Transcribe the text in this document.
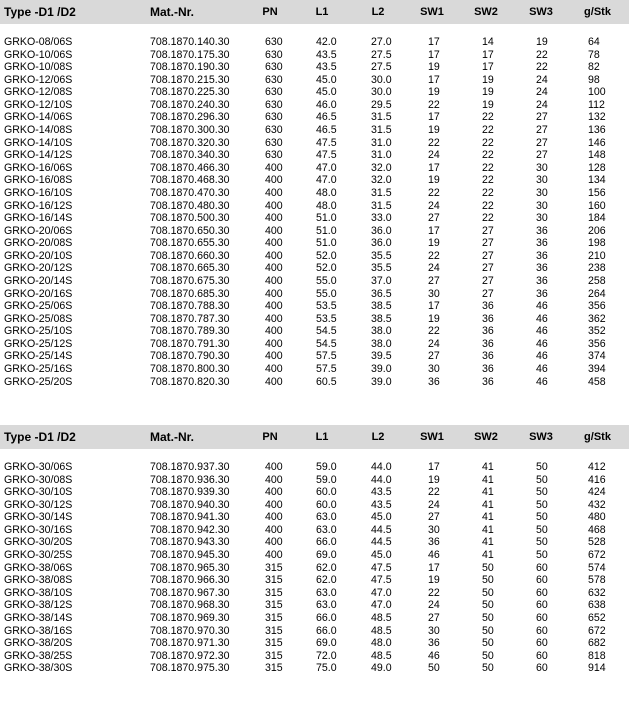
Type -D1 /D2	Mat.-Nr.	PN	L1	L2	SW1	SW2	SW3	g/Stk
GRKO-08/06S	708.1870.140.30	630	42.0	27.0	17	14	19	64
GRKO-10/06S	708.1870.175.30	630	43.5	27.5	17	17	22	78
GRKO-10/08S	708.1870.190.30	630	43.5	27.5	19	17	22	82
GRKO-12/06S	708.1870.215.30	630	45.0	30.0	17	19	24	98
GRKO-12/08S	708.1870.225.30	630	45.0	30.0	19	19	24	100
GRKO-12/10S	708.1870.240.30	630	46.0	29.5	22	19	24	112
GRKO-14/06S	708.1870.296.30	630	46.5	31.5	17	22	27	132
GRKO-14/08S	708.1870.300.30	630	46.5	31.5	19	22	27	136
GRKO-14/10S	708.1870.320.30	630	47.5	31.0	22	22	27	146
GRKO-14/12S	708.1870.340.30	630	47.5	31.0	24	22	27	148
GRKO-16/06S	708.1870.466.30	400	47.0	32.0	17	22	30	128
GRKO-16/08S	708.1870.468.30	400	47.0	32.0	19	22	30	134
GRKO-16/10S	708.1870.470.30	400	48.0	31.5	22	22	30	156
GRKO-16/12S	708.1870.480.30	400	48.0	31.5	24	22	30	160
GRKO-16/14S	708.1870.500.30	400	51.0	33.0	27	22	30	184
GRKO-20/06S	708.1870.650.30	400	51.0	36.0	17	27	36	206
GRKO-20/08S	708.1870.655.30	400	51.0	36.0	19	27	36	198
GRKO-20/10S	708.1870.660.30	400	52.0	35.5	22	27	36	210
GRKO-20/12S	708.1870.665.30	400	52.0	35.5	24	27	36	238
GRKO-20/14S	708.1870.675.30	400	55.0	37.0	27	27	36	258
GRKO-20/16S	708.1870.685.30	400	55.0	36.5	30	27	36	264
GRKO-25/06S	708.1870.788.30	400	53.5	38.5	17	36	46	356
GRKO-25/08S	708.1870.787.30	400	53.5	38.5	19	36	46	362
GRKO-25/10S	708.1870.789.30	400	54.5	38.0	22	36	46	352
GRKO-25/12S	708.1870.791.30	400	54.5	38.0	24	36	46	356
GRKO-25/14S	708.1870.790.30	400	57.5	39.5	27	36	46	374
GRKO-25/16S	708.1870.800.30	400	57.5	39.0	30	36	46	394
GRKO-25/20S	708.1870.820.30	400	60.5	39.0	36	36	46	458
Type -D1 /D2	Mat.-Nr.	PN	L1	L2	SW1	SW2	SW3	g/Stk
GRKO-30/06S	708.1870.937.30	400	59.0	44.0	17	41	50	412
GRKO-30/08S	708.1870.936.30	400	59.0	44.0	19	41	50	416
GRKO-30/10S	708.1870.939.30	400	60.0	43.5	22	41	50	424
GRKO-30/12S	708.1870.940.30	400	60.0	43.5	24	41	50	432
GRKO-30/14S	708.1870.941.30	400	63.0	45.0	27	41	50	480
GRKO-30/16S	708.1870.942.30	400	63.0	44.5	30	41	50	468
GRKO-30/20S	708.1870.943.30	400	66.0	44.5	36	41	50	528
GRKO-30/25S	708.1870.945.30	400	69.0	45.0	46	41	50	672
GRKO-38/06S	708.1870.965.30	315	62.0	47.5	17	50	60	574
GRKO-38/08S	708.1870.966.30	315	62.0	47.5	19	50	60	578
GRKO-38/10S	708.1870.967.30	315	63.0	47.0	22	50	60	632
GRKO-38/12S	708.1870.968.30	315	63.0	47.0	24	50	60	638
GRKO-38/14S	708.1870.969.30	315	66.0	48.5	27	50	60	652
GRKO-38/16S	708.1870.970.30	315	66.0	48.5	30	50	60	672
GRKO-38/20S	708.1870.971.30	315	69.0	48.0	36	50	60	682
GRKO-38/25S	708.1870.972.30	315	72.0	48.5	46	50	60	818
GRKO-38/30S	708.1870.975.30	315	75.0	49.0	50	50	60	914
